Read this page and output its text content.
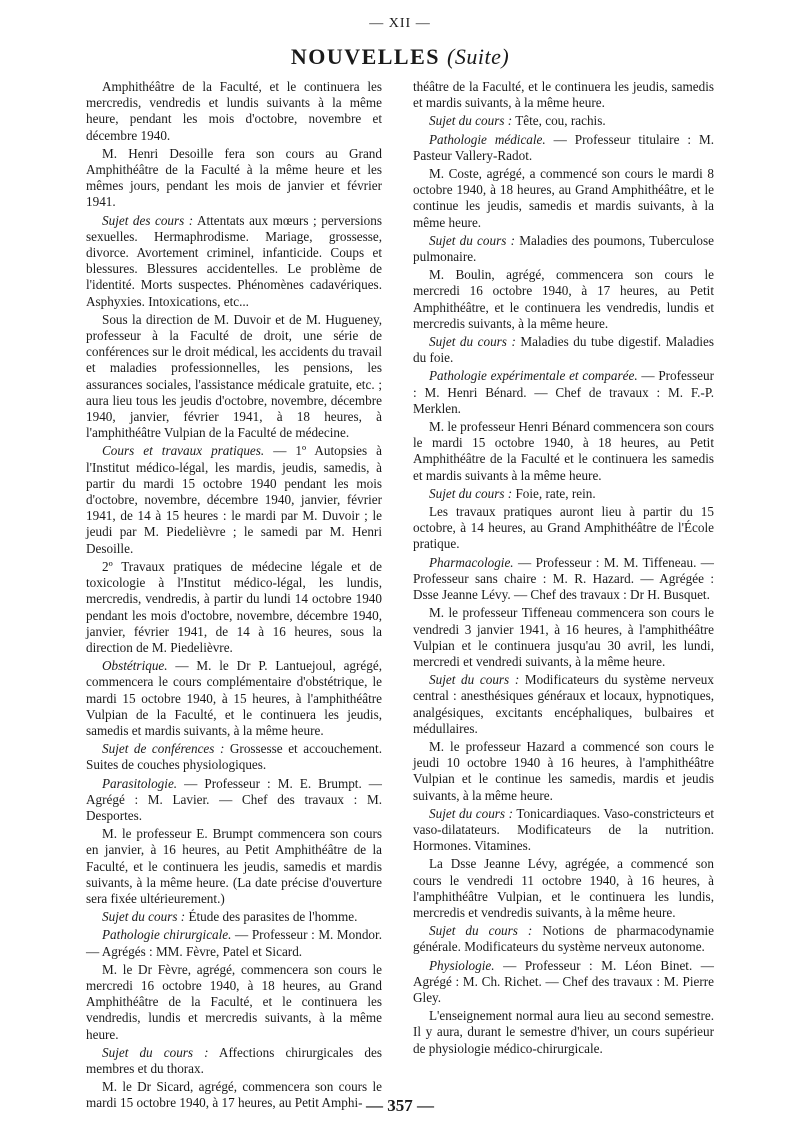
— XII —
NOUVELLES (Suite)

Amphithéâtre de la Faculté, et le continuera les mercredis, vendredis et lundis suivants à la même heure, pendant les mois d'octobre, novembre et décembre 1940.

M. Henri Desoille fera son cours au Grand Amphithéâtre de la Faculté à la même heure et les mêmes jours, pendant les mois de janvier et février 1941.

Sujet des cours : Attentats aux mœurs ; perversions sexuelles. Hermaphrodisme. Mariage, grossesse, divorce. Avortement criminel, infanticide. Coups et blessures. Blessures accidentelles. Le problème de l'identité. Morts suspectes. Phénomènes cadavériques. Asphyxies. Intoxications, etc...

Sous la direction de M. Duvoir et de M. Hugueney, professeur à la Faculté de droit, une série de conférences sur le droit médical, les accidents du travail et maladies professionnelles, les pensions, les assurances sociales, l'assistance médicale gratuite, etc. ; aura lieu tous les jeudis d'octobre, novembre, décembre 1940, janvier, février 1941, à 18 heures, à l'amphithéâtre Vulpian de la Faculté de médecine.

Cours et travaux pratiques. — 1º Autopsies à l'Institut médico-légal, les mardis, jeudis, samedis, à partir du mardi 15 octobre 1940 pendant les mois d'octobre, novembre, décembre 1940, janvier, février 1941, de 14 à 15 heures : le mardi par M. Duvoir ; le jeudi par M. Piedelièvre ; le samedi par M. Henri Desoille.

2º Travaux pratiques de médecine légale et de toxicologie à l'Institut médico-légal, les lundis, mercredis, vendredis, à partir du lundi 14 octobre 1940 pendant les mois d'octobre, novembre, décembre 1940, janvier, février 1941, de 14 à 16 heures, sous la direction de M. Piedelièvre.

Obstétrique. — M. le Dr P. Lantuejoul, agrégé, commencera le cours complémentaire d'obstétrique, le mardi 15 octobre 1940, à 15 heures, à l'amphithéâtre Vulpian de la Faculté, et le continuera les jeudis, samedis et mardis suivants, à la même heure.

Sujet de conférences : Grossesse et accouchement. Suites de couches physiologiques.

Parasitologie. — Professeur : M. E. Brumpt. — Agrégé : M. Lavier. — Chef des travaux : M. Desportes.

M. le professeur E. Brumpt commencera son cours en janvier, à 16 heures, au Petit Amphithéâtre de la Faculté, et le continuera les jeudis, samedis et mardis suivants, à la même heure. (La date précise d'ouverture sera fixée ultérieurement.)

Sujet du cours : Étude des parasites de l'homme.

Pathologie chirurgicale. — Professeur : M. Mondor. — Agrégés : MM. Fèvre, Patel et Sicard.

M. le Dr Fèvre, agrégé, commencera son cours le mercredi 16 octobre 1940, à 18 heures, au Grand Amphithéâtre de la Faculté, et le continuera les vendredis, lundis et mercredis suivants, à la même heure.

Sujet du cours : Affections chirurgicales des membres et du thorax.

M. le Dr Sicard, agrégé, commencera son cours le mardi 15 octobre 1940, à 17 heures, au Petit Amphi-

théâtre de la Faculté, et le continuera les jeudis, samedis et mardis suivants, à la même heure.

Sujet du cours : Tête, cou, rachis.

Pathologie médicale. — Professeur titulaire : M. Pasteur Vallery-Radot.

M. Coste, agrégé, a commencé son cours le mardi 8 octobre 1940, à 18 heures, au Grand Amphithéâtre, et le continue les jeudis, samedis et mardis suivants, à la même heure.

Sujet du cours : Maladies des poumons, Tuberculose pulmonaire.

M. Boulin, agrégé, commencera son cours le mercredi 16 octobre 1940, à 17 heures, au Petit Amphithéâtre, et le continuera les vendredis, lundis et mercredis suivants, à la même heure.

Sujet du cours : Maladies du tube digestif. Maladies du foie.

Pathologie expérimentale et comparée. — Professeur : M. Henri Bénard. — Chef de travaux : M. F.-P. Merklen.

M. le professeur Henri Bénard commencera son cours le mardi 15 octobre 1940, à 18 heures, au Petit Amphithéâtre de la Faculté et le continuera les samedis et mardis suivants à la même heure.

Sujet du cours : Foie, rate, rein.

Les travaux pratiques auront lieu à partir du 15 octobre, à 14 heures, au Grand Amphithéâtre de l'École pratique.

Pharmacologie. — Professeur : M. M. Tiffeneau. — Professeur sans chaire : M. R. Hazard. — Agrégée : Dsse Jeanne Lévy. — Chef des travaux : Dr H. Busquet.

M. le professeur Tiffeneau commencera son cours le vendredi 3 janvier 1941, à 16 heures, à l'amphithéâtre Vulpian et le continuera jusqu'au 30 avril, les lundi, mercredi et vendredi suivants, à la même heure.

Sujet du cours : Modificateurs du système nerveux central : anesthésiques généraux et locaux, hypnotiques, analgésiques, excitants encéphaliques, bulbaires et médullaires.

M. le professeur Hazard a commencé son cours le jeudi 10 octobre 1940 à 16 heures, à l'amphithéâtre Vulpian et le continue les samedis, mardis et jeudis suivants, à la même heure.

Sujet du cours : Tonicardiaques. Vaso-constricteurs et vaso-dilatateurs. Modificateurs de la nutrition. Hormones. Vitamines.

La Dsse Jeanne Lévy, agrégée, a commencé son cours le vendredi 11 octobre 1940, à 16 heures, à l'amphithéâtre Vulpian, et le continuera les lundis, mercredis et vendredis suivants, à la même heure.

Sujet du cours : Notions de pharmacodynamie générale. Modificateurs du système nerveux autonome.

Physiologie. — Professeur : M. Léon Binet. — Agrégé : M. Ch. Richet. — Chef des travaux : M. Pierre Gley.

L'enseignement normal aura lieu au second semestre. Il y aura, durant le semestre d'hiver, un cours supérieur de physiologie médico-chirurgicale.

— 357 —
